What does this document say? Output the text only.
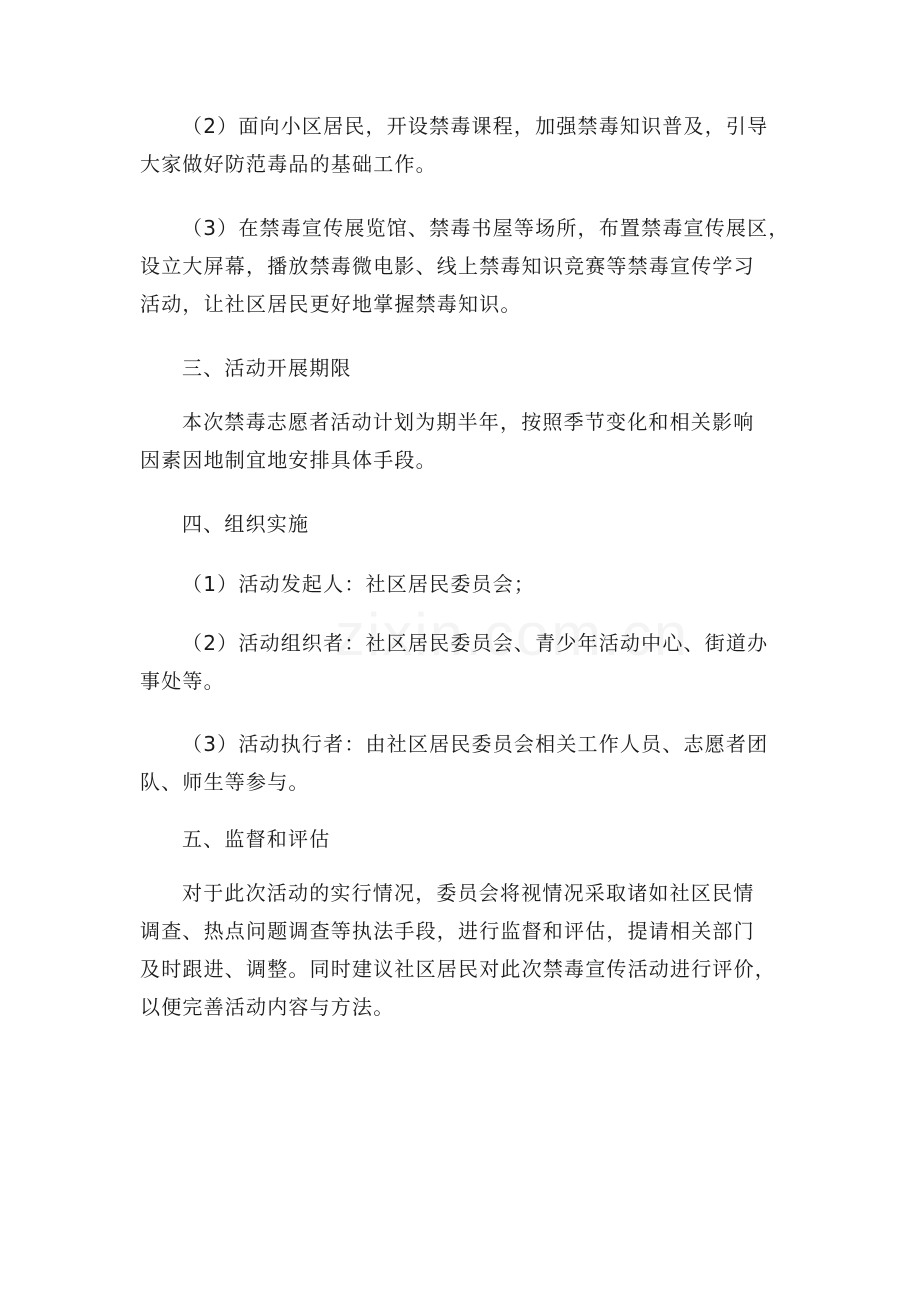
（2）面向小区居民，开设禁毒课程，加强禁毒知识普及，引导
大家做好防范毒品的基础工作。
（3）在禁毒宣传展览馆、禁毒书屋等场所，布置禁毒宣传展区，
设立大屏幕，播放禁毒微电影、线上禁毒知识竞赛等禁毒宣传学习
活动，让社区居民更好地掌握禁毒知识。
三、活动开展期限
本次禁毒志愿者活动计划为期半年，按照季节变化和相关影响
因素因地制宜地安排具体手段。
四、组织实施
（1）活动发起人：社区居民委员会；
（2）活动组织者：社区居民委员会、青少年活动中心、街道办
事处等。
（3）活动执行者：由社区居民委员会相关工作人员、志愿者团
队、师生等参与。
五、监督和评估
对于此次活动的实行情况，委员会将视情况采取诸如社区民情
调查、热点问题调查等执法手段，进行监督和评估，提请相关部门
及时跟进、调整。同时建议社区居民对此次禁毒宣传活动进行评价，
以便完善活动内容与方法。
